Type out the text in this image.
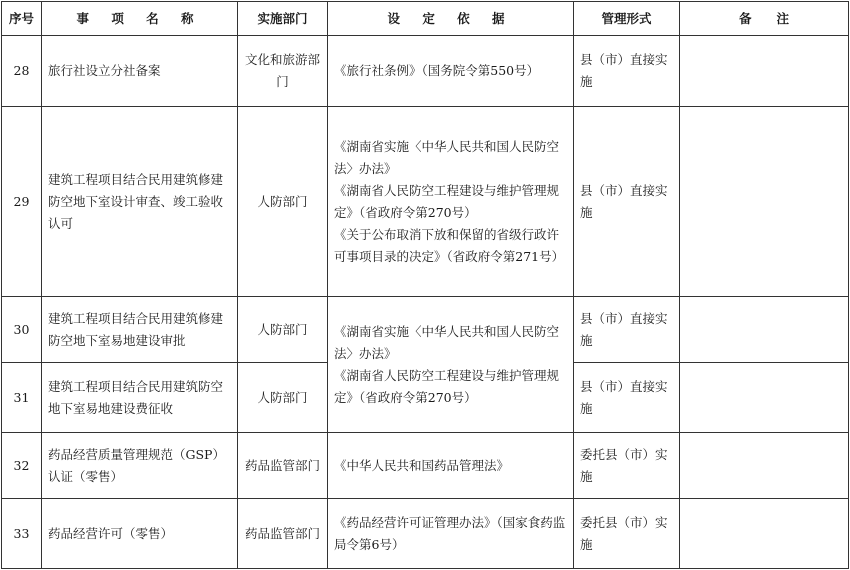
序号	事 项 名 称	实施部门	设 定 依 据	管理形式	备　　注
28	旅行社设立分社备案	文化和旅游部门	《旅行社条例》（国务院令第550号）	县（市）直接实施	
29	建筑工程项目结合民用建筑修建防空地下室设计审查、竣工验收认可	人防部门	《湖南省实施〈中华人民共和国人民防空法〉办法》
《湖南省人民防空工程建设与维护管理规定》（省政府令第270号）
《关于公布取消下放和保留的省级行政许可事项目录的决定》（省政府令第271号）	县（市）直接实施	
30	建筑工程项目结合民用建筑修建防空地下室易地建设审批	人防部门	《湖南省实施〈中华人民共和国人民防空法〉办法》
《湖南省人民防空工程建设与维护管理规定》（省政府令第270号）	县（市）直接实施	
31	建筑工程项目结合民用建筑防空地下室易地建设费征收	人防部门		县（市）直接实施	
32	药品经营质量管理规范（GSP）认证（零售）	药品监管部门	《中华人民共和国药品管理法》	委托县（市）实施	
33	药品经营许可（零售）	药品监管部门	《药品经营许可证管理办法》（国家食药监局令第6号）	委托县（市）实施	
